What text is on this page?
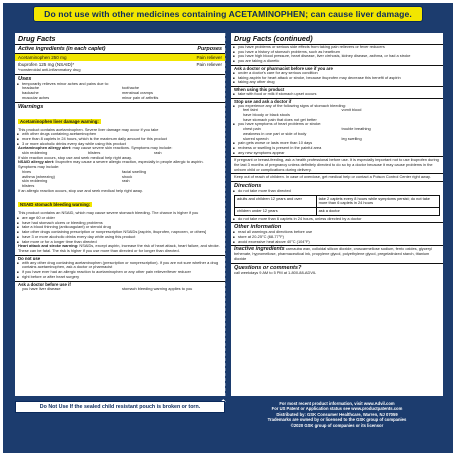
Do not use with other medicines containing ACETAMINOPHEN; can cause liver damage.
Drug Facts
Active ingredients (in each caplet)	Purposes
Acetaminophen 250 mg	Pain reliever
Ibuprofen 125 mg (NSAID)*	Pain reliever
*nonsteroidal anti-inflammatory drug
Uses
■ temporarily relieves minor aches and pains due to:
headache	toothache
backache	menstrual cramps
muscular aches	minor pain of arthritis
Warnings
Acetaminophen liver damage warning:
This product contains acetaminophen. Severe liver damage may occur if you take
■ with other drugs containing acetaminophen
■ more than 8 caplets in 24 hours, which is the maximum daily amount for this product
■ 3 or more alcoholic drinks every day while using this product
Acetaminophen allergy alert: may cause severe skin reactions. Symptoms may include:
skin reddening	blisters	rash
If skin reaction occurs, stop use and seek medical help right away.
NSAID allergy alert: Ibuprofen may cause a severe allergic reaction, especially in people allergic to aspirin. Symptoms may include:
hives	facial swelling
asthma (wheezing)	shock
skin reddening	rash
blisters
If an allergic reaction occurs, stop use and seek medical help right away.
NSAID stomach bleeding warning:
This product contains an NSAID, which may cause severe stomach bleeding. The chance is higher if you
■ are age 60 or older
■ have had stomach ulcers or bleeding problems
■ take a blood thinning (anticoagulant) or steroid drug
■ take other drugs containing prescription or nonprescription NSAIDs [aspirin, ibuprofen, naproxen, or others]
■ have 3 or more alcoholic drinks every day while using this product
■ take more or for a longer time than directed
Heart attack and stroke warning: NSAIDs, except aspirin, increase the risk of heart attack, heart failure, and stroke. These can be fatal. The risk is higher if you use more than directed or for longer than directed.
Do not use
■ with any other drug containing acetaminophen (prescription or nonprescription). If you are not sure whether a drug contains acetaminophen, ask a doctor or pharmacist
■ if you have ever had an allergic reaction to acetaminophen or any other pain reliever/fever reducer
■ right before or after heart surgery
Ask a doctor before use if
you have liver disease	stomach bleeding warning applies to you
Drug Facts (continued)
■ you have problems or serious side effects from taking pain relievers or fever reducers
■ you have a history of stomach problems, such as heartburn
■ you have high blood pressure, heart disease, liver cirrhosis, kidney disease, asthma, or had a stroke
■ you are taking a diuretic
Ask a doctor or pharmacist before use if you are
■ under a doctor's care for any serious condition
■ taking aspirin for heart attack or stroke, because ibuprofen may decrease this benefit of aspirin
■ taking any other drug
When using this product
■ take with food or milk if stomach upset occurs
Stop use and ask a doctor if
■ you experience any of the following signs of stomach bleeding:
feel faint	vomit blood
have bloody or black stools
have stomach pain that does not get better
■ you have symptoms of heart problems or stroke:
chest pain	trouble breathing
weakness in one part or side of body
slurred speech	leg swelling
■ pain gets worse or lasts more than 10 days
■ redness or swelling is present in the painful area
■ any new symptoms appear
If pregnant or breast-feeding, ask a health professional before use. It is especially important not to use ibuprofen during the last 3 months of pregnancy unless definitely directed to do so by a doctor because it may cause problems in the unborn child or complications during delivery.
Keep out of reach of children. In case of overdose, get medical help or contact a Poison Control Center right away.
Directions
■ do not take more than directed
adults and children 12 years and over	take 2 caplets every 8 hours while symptoms persist; do not take more than 6 caplets in 24 hours
children under 12 years	ask a doctor
■ do not take more than 6 caplets in 24 hours, unless directed by a doctor
Other information
■ read all warnings and directions before use
■ store at 20-25°C (68-77°F)
■ avoid excessive heat above 40°C (104°F)
Inactive ingredients carnauba wax, colloidal silicon dioxide, croscarmellose sodium, ferric oxides, glyceryl behenate, hypromellose, pharmaceutical ink, propylene glycol, polyethylene glycol, pregelatinized starch, titanium dioxide
Questions or comments?
call weekdays 9 AM to 5 PM at 1-800-88-ADVIL
Do Not Use If the sealed child resistant pouch is broken or torn.
For most recent product information, visit www.Advil.com
For US Patent or Application status see www.productpatents.com
Distributed by: GSK Consumer Healthcare, Warren, NJ 07059
Trademarks are owned by or licensed to the GSK group of companies
©2020 GSK group of companies or its licensor
